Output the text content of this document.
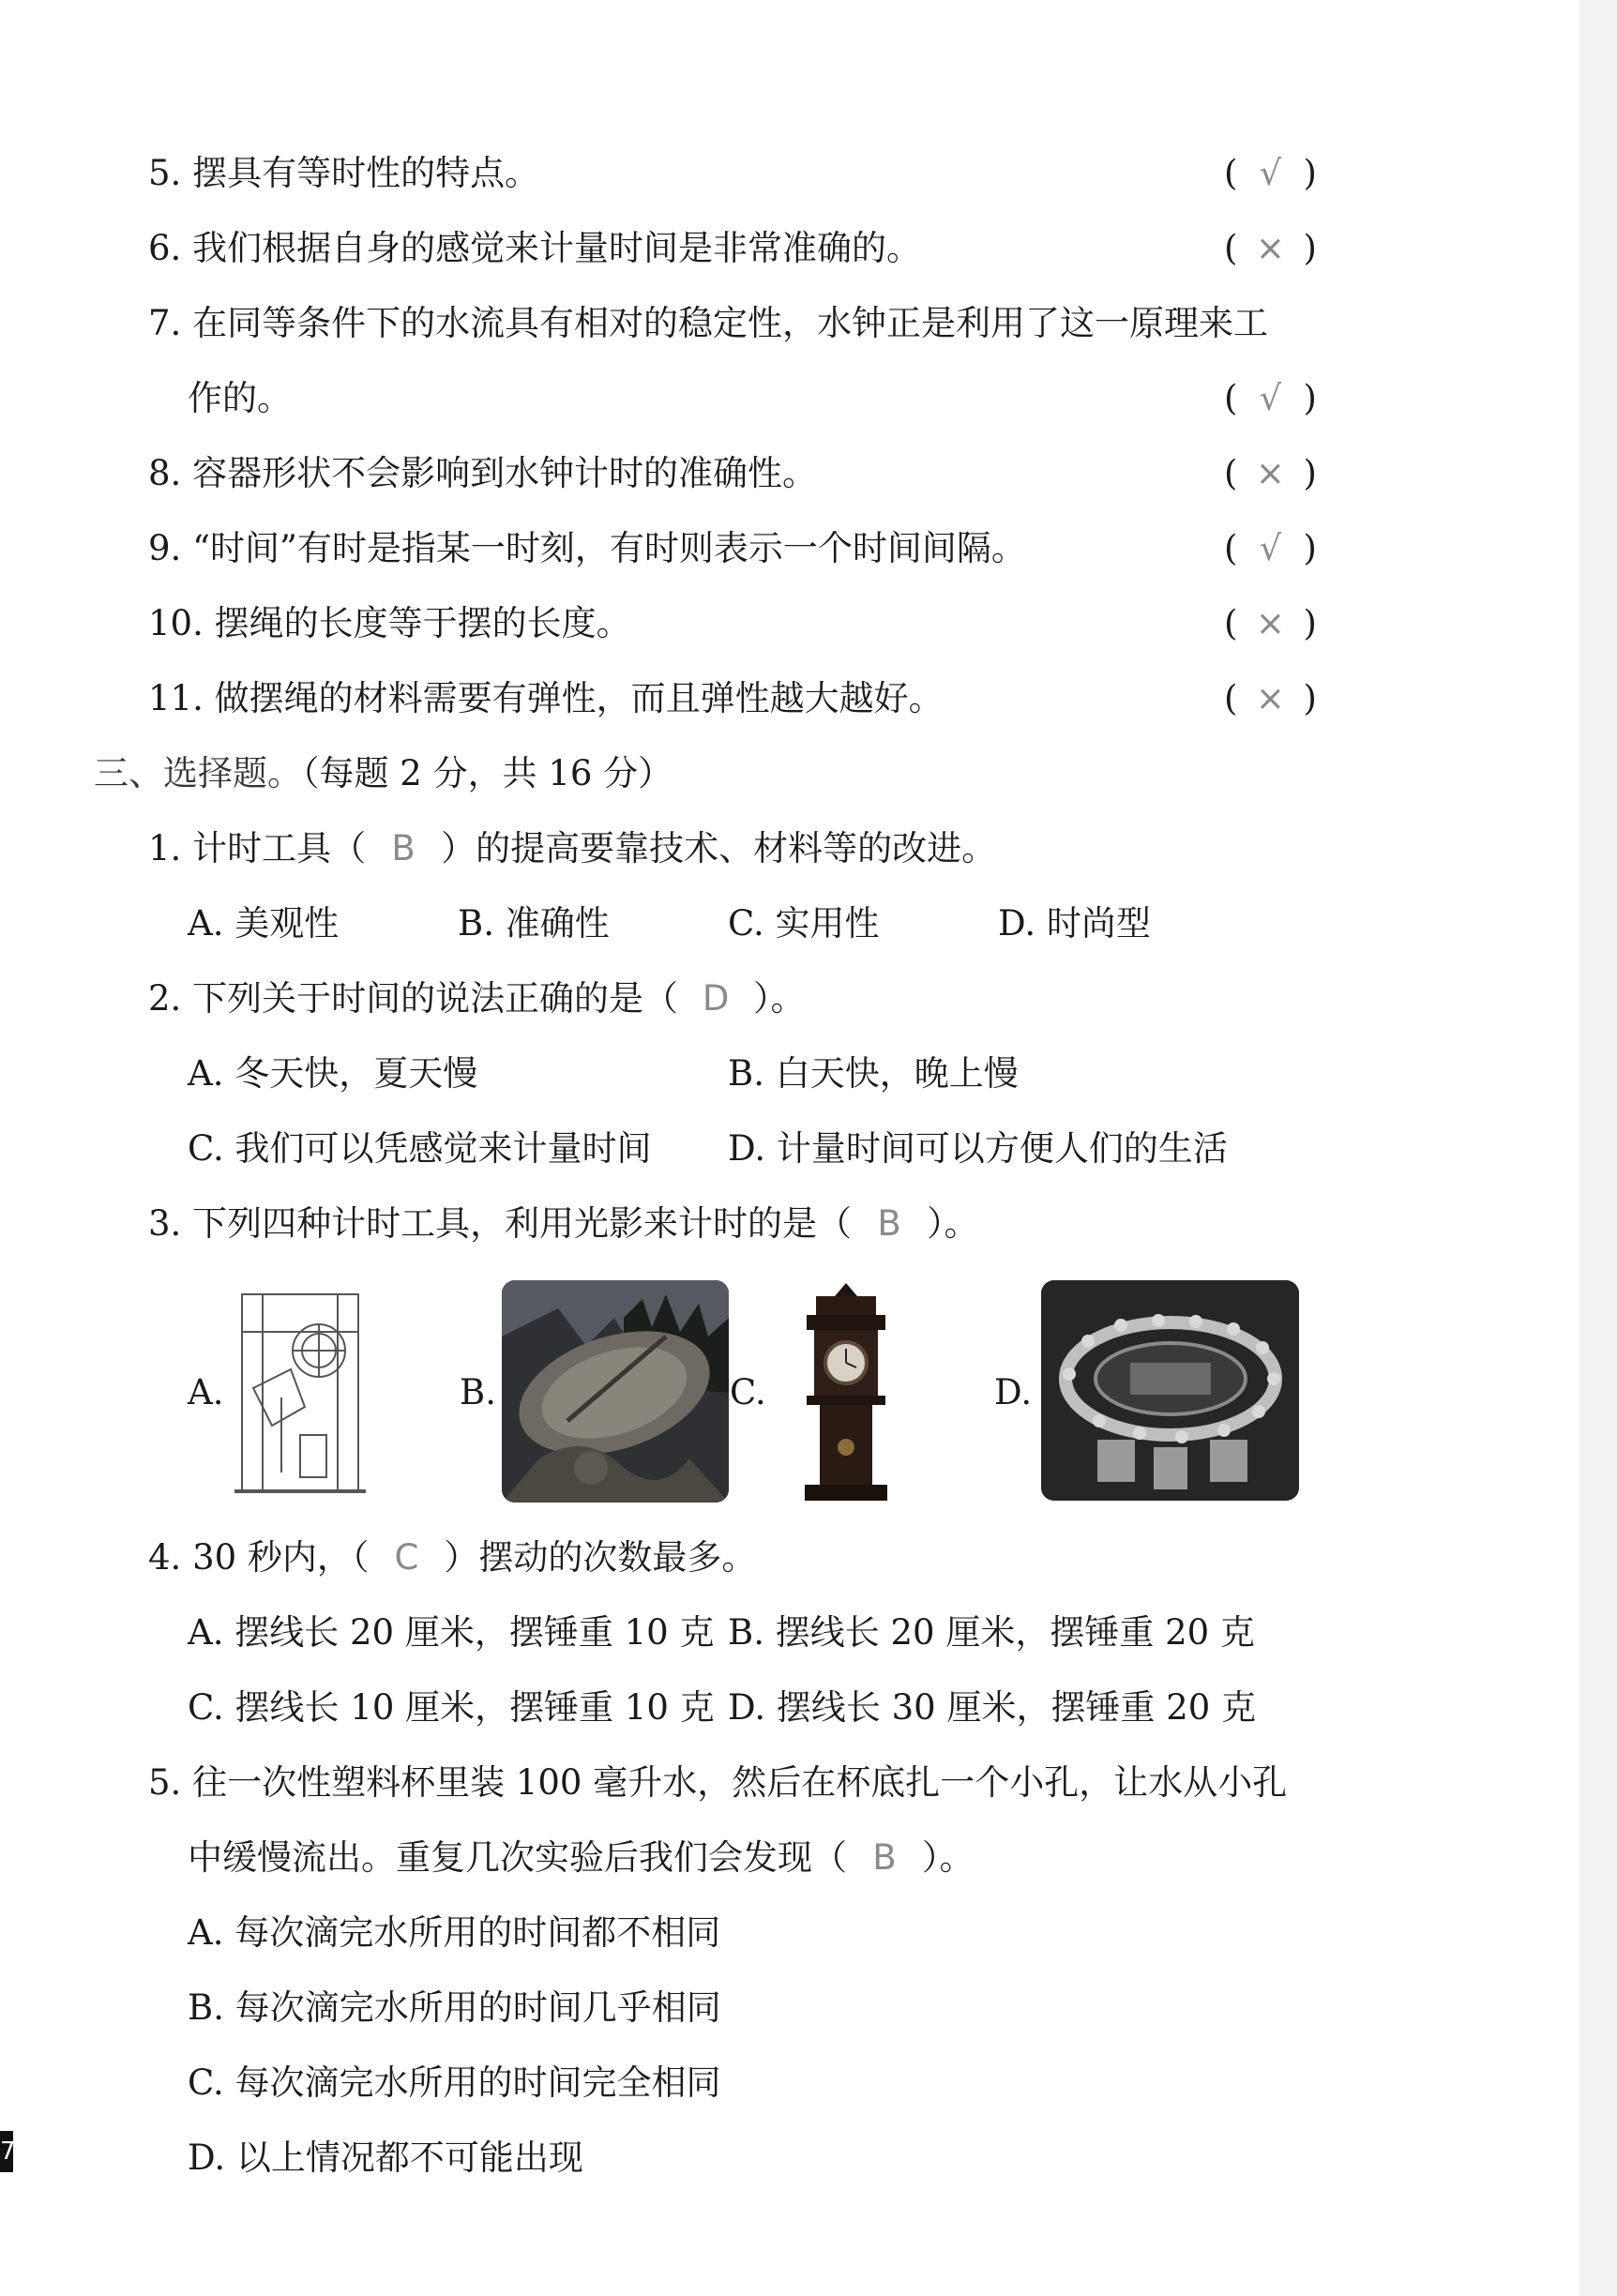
5. 摆具有等时性的特点。	( √ )
6. 我们根据自身的感觉来计量时间是非常准确的。	( × )
7. 在同等条件下的水流具有相对的稳定性，水钟正是利用了这一原理来工
作的。	( √ )
8. 容器形状不会影响到水钟计时的准确性。	( × )
9. “时间”有时是指某一时刻，有时则表示一个时间间隔。	( √ )
10. 摆绳的长度等于摆的长度。	( × )
11. 做摆绳的材料需要有弹性，而且弹性越大越好。	( × )
三、选择题。（每题 2 分，共 16 分）
1. 计时工具（ B ）的提高要靠技术、材料等的改进。
A. 美观性	B. 准确性	C. 实用性	D. 时尚型
2. 下列关于时间的说法正确的是（ D ）。
A. 冬天快，夏天慢	B. 白天快，晚上慢
C. 我们可以凭感觉来计量时间 D. 计量时间可以方便人们的生活
3. 下列四种计时工具，利用光影来计时的是（ B ）。
A.	B.	C.	D.
4. 30 秒内，（ C ）摆动的次数最多。
A. 摆线长 20 厘米，摆锤重 10 克 B. 摆线长 20 厘米，摆锤重 20 克
C. 摆线长 10 厘米，摆锤重 10 克 D. 摆线长 30 厘米，摆锤重 20 克
5. 往一次性塑料杯里装 100 毫升水，然后在杯底扎一个小孔，让水从小孔
中缓慢流出。重复几次实验后我们会发现（ B ）。
A. 每次滴完水所用的时间都不相同
B. 每次滴完水所用的时间几乎相同
C. 每次滴完水所用的时间完全相同
D. 以上情况都不可能出现
7
